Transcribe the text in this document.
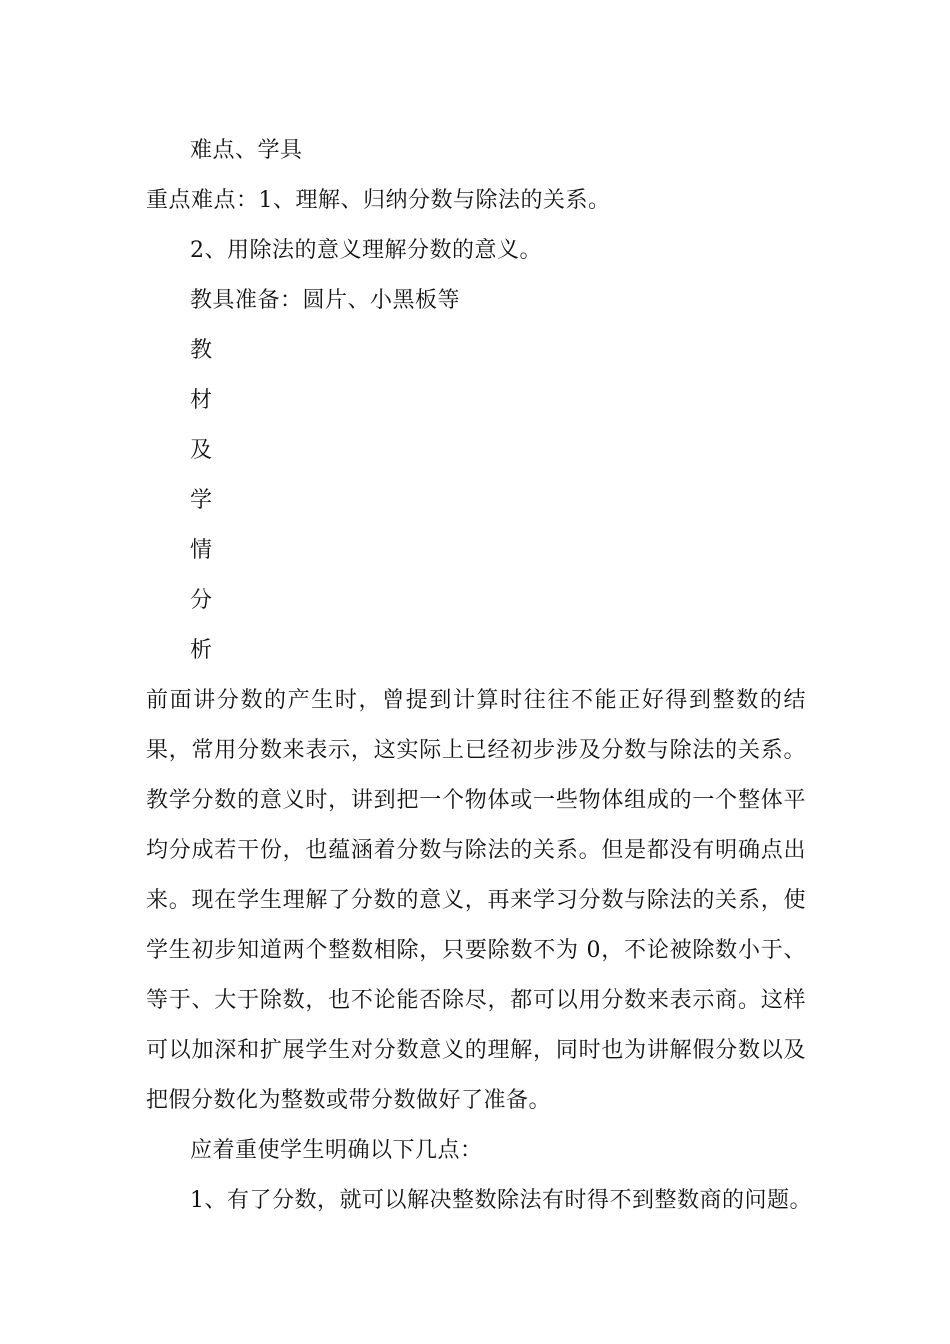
难点、学具
重点难点：1、理解、归纳分数与除法的关系。
2、用除法的意义理解分数的意义。
教具准备：圆片、小黑板等
教
材
及
学
情
分
析
前面讲分数的产生时，曾提到计算时往往不能正好得到整数的结
果，常用分数来表示，这实际上已经初步涉及分数与除法的关系。
教学分数的意义时，讲到把一个物体或一些物体组成的一个整体平
均分成若干份，也蕴涵着分数与除法的关系。但是都没有明确点出
来。现在学生理解了分数的意义，再来学习分数与除法的关系，使
学生初步知道两个整数相除，只要除数不为 0，不论被除数小于、
等于、大于除数，也不论能否除尽，都可以用分数来表示商。这样
可以加深和扩展学生对分数意义的理解，同时也为讲解假分数以及
把假分数化为整数或带分数做好了准备。
应着重使学生明确以下几点：
1、有了分数，就可以解决整数除法有时得不到整数商的问题。
